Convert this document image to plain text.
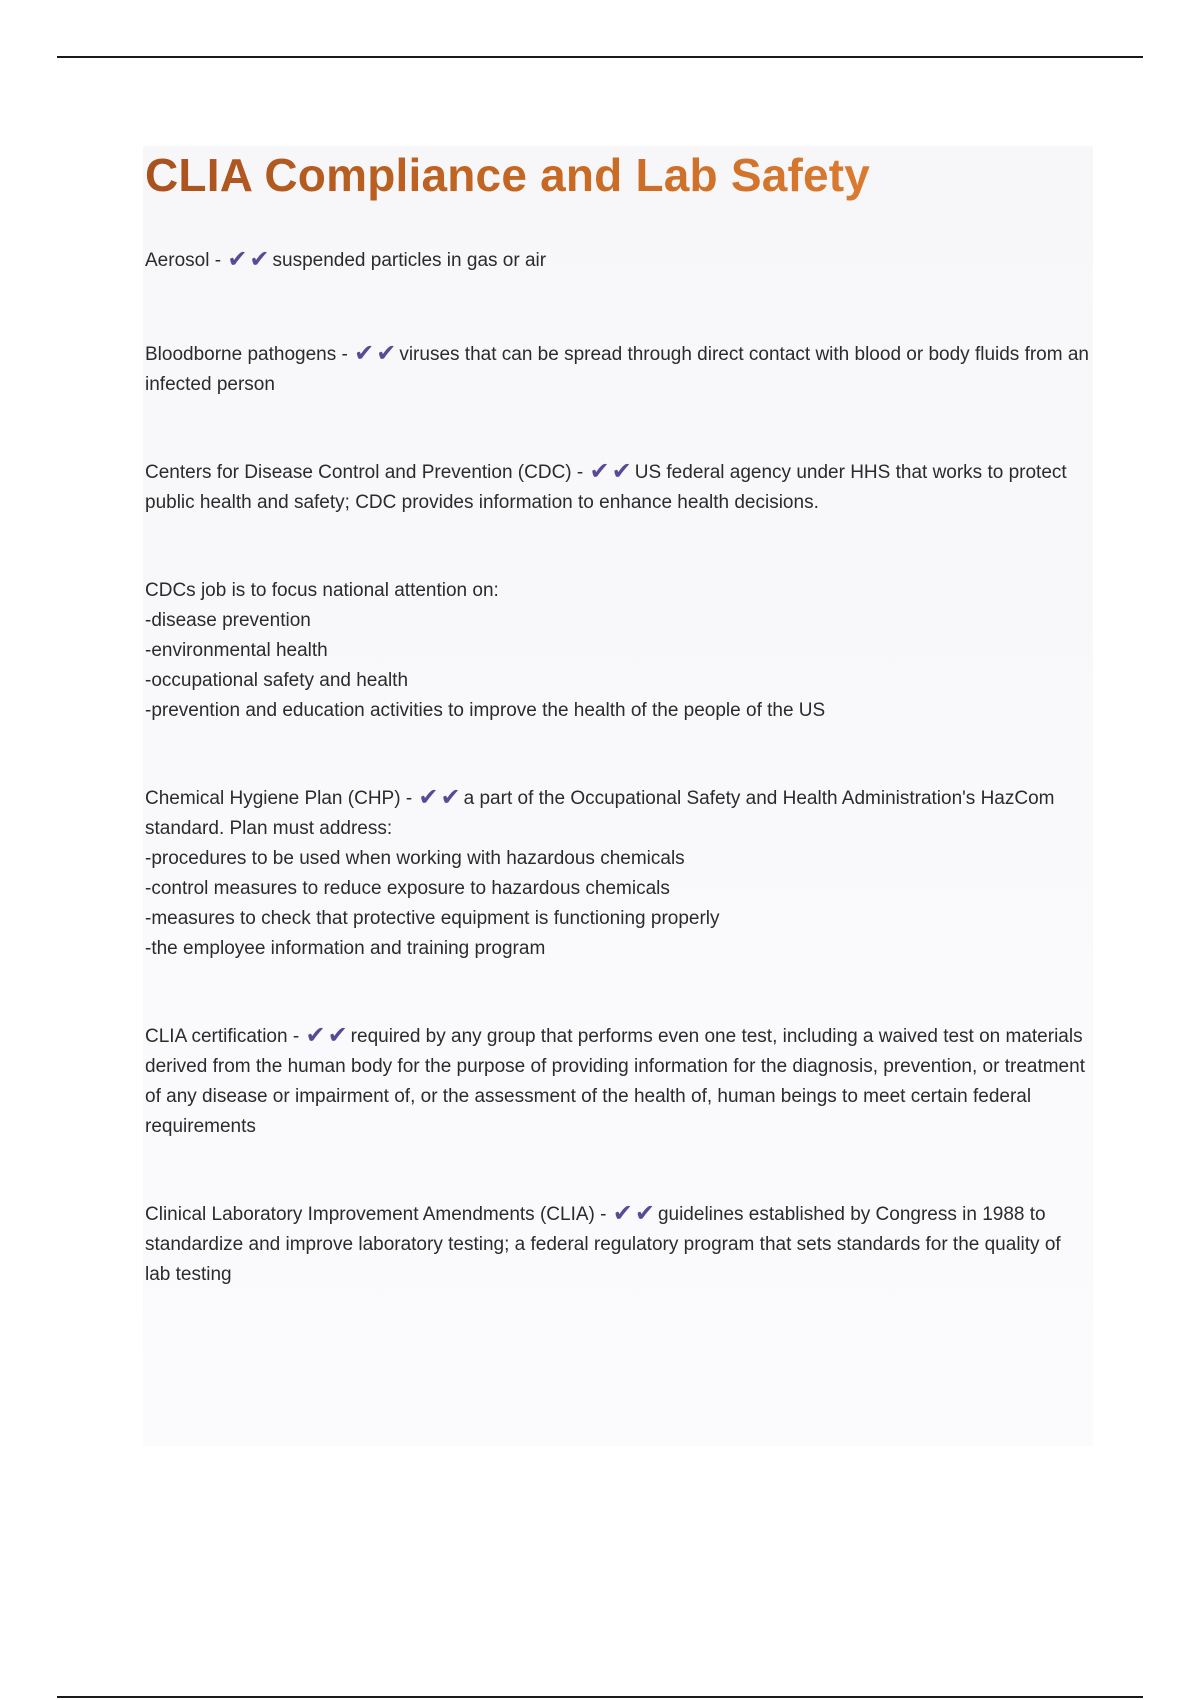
CLIA Compliance and Lab Safety

Aerosol - ✔✔ suspended particles in gas or air

Bloodborne pathogens - ✔✔ viruses that can be spread through direct contact with blood or body fluids from an infected person

Centers for Disease Control and Prevention (CDC) - ✔✔ US federal agency under HHS that works to protect public health and safety; CDC provides information to enhance health decisions.

CDCs job is to focus national attention on:

-disease prevention

-environmental health

-occupational safety and health

-prevention and education activities to improve the health of the people of the US

Chemical Hygiene Plan (CHP) - ✔✔ a part of the Occupational Safety and Health Administration's HazCom standard. Plan must address:

-procedures to be used when working with hazardous chemicals

-control measures to reduce exposure to hazardous chemicals

-measures to check that protective equipment is functioning properly

-the employee information and training program

CLIA certification - ✔✔ required by any group that performs even one test, including a waived test on materials derived from the human body for the purpose of providing information for the diagnosis, prevention, or treatment of any disease or impairment of, or the assessment of the health of, human beings to meet certain federal requirements

Clinical Laboratory Improvement Amendments (CLIA) - ✔✔ guidelines established by Congress in 1988 to standardize and improve laboratory testing; a federal regulatory program that sets standards for the quality of lab testing
